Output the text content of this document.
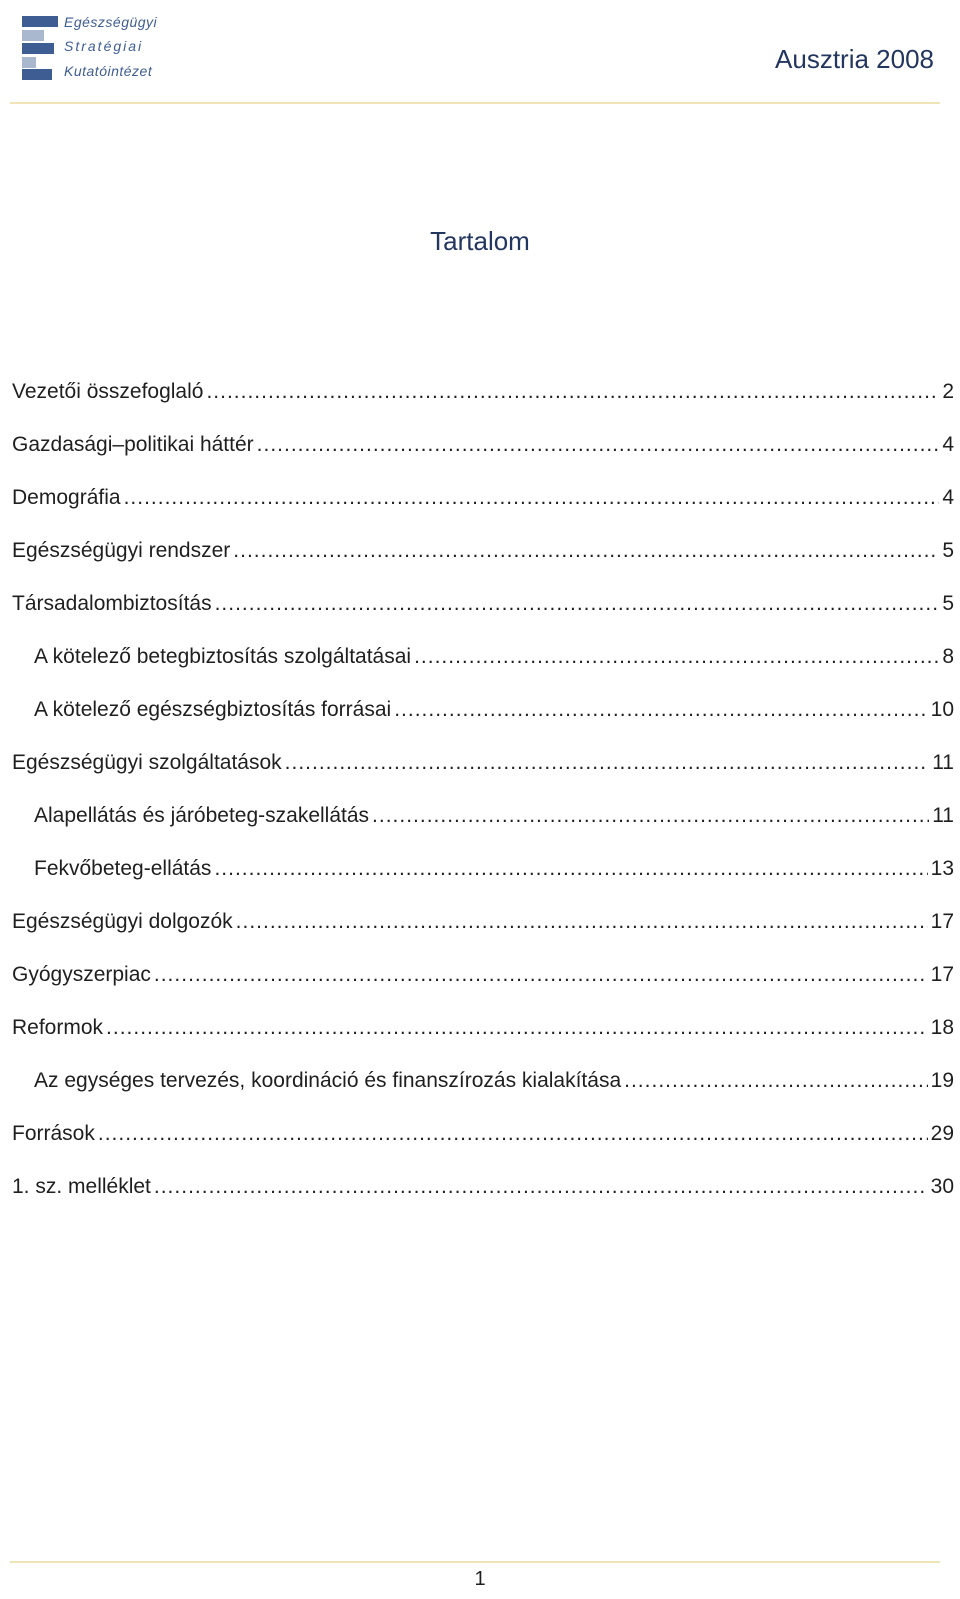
Egészségügyi
Stratégiai
Kutatóintézet	Ausztria 2008
Tartalom
Vezetői összefoglaló .....	2
Gazdasági–politikai háttér .....	4
Demográfia .....	4
Egészségügyi rendszer .....	5
Társadalombiztosítás .....	5
A kötelező betegbiztosítás szolgáltatásai .....	8
A kötelező egészségbiztosítás forrásai .....	10
Egészségügyi szolgáltatások .....	11
Alapellátás és járóbeteg-szakellátás .....	11
Fekvőbeteg-ellátás .....	13
Egészségügyi dolgozók .....	17
Gyógyszerpiac .....	17
Reformok .....	18
Az egységes tervezés, koordináció és finanszírozás kialakítása .....	19
Források .....	29
1. sz. melléklet .....	30
1
